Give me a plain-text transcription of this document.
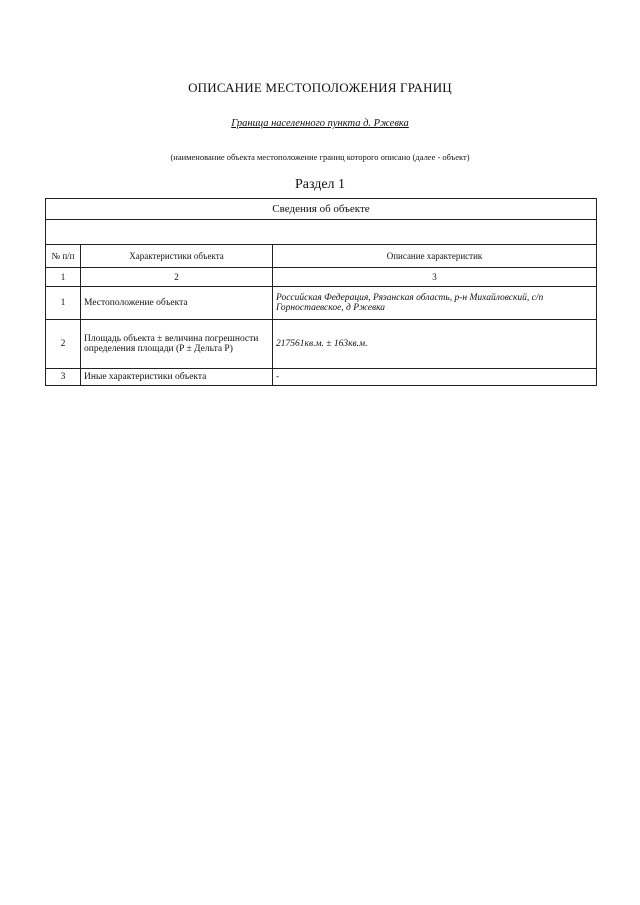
ОПИСАНИЕ МЕСТОПОЛОЖЕНИЯ ГРАНИЦ
Граница населенного пункта д. Ржевка
(наименование объекта местоположение границ которого описано (далее - объект)
Раздел 1
Сведения об объекте		

№ п/п	Характеристики объекта	Описание характеристик
1	2	3
1	Местоположение объекта	Российская Федерация, Рязанская область, р-н Михайловский, с/п Горностаевское, д Ржевка
2	Площадь объекта ± величина погрешности определения площади (P ± Дельта P)	217561кв.м. ± 163кв.м.
3	Иные характеристики объекта	-
